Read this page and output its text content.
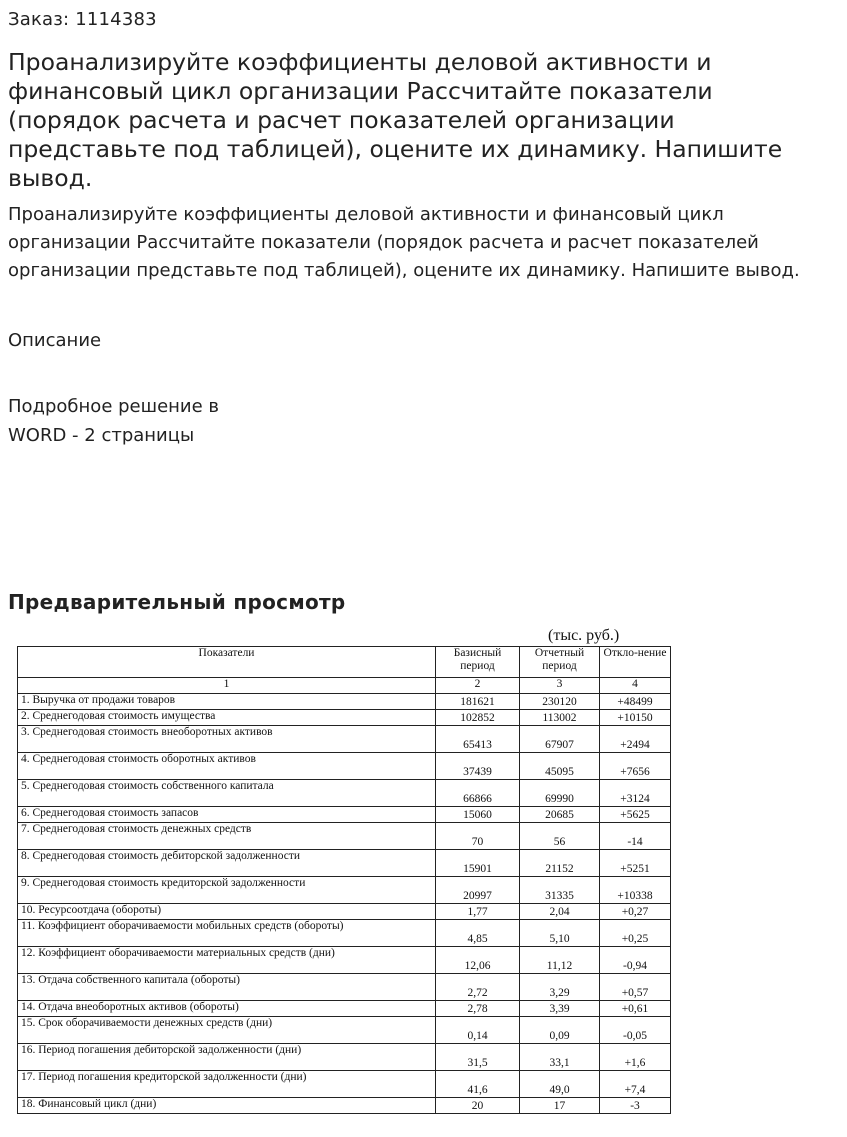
Заказ: 1114383
Проанализируйте коэффициенты деловой активности и финансовый цикл организации Рассчитайте показатели (порядок расчета и расчет показателей организации представьте под таблицей), оцените их динамику. Напишите вывод.
Проанализируйте коэффициенты деловой активности и финансовый цикл организации Рассчитайте показатели (порядок расчета и расчет показателей организации представьте под таблицей), оцените их динамику. Напишите вывод.
Описание
Подробное решение в
WORD - 2 страницы
Предварительный просмотр
(тыс. руб.)
Показатели	Базисный период	Отчетный период	Откло-нение
1	2	3	4
1. Выручка от продажи товаров	181621	230120	+48499
2. Среднегодовая стоимость имущества	102852	113002	+10150
3. Среднегодовая стоимость внеоборотных активов	65413	67907	+2494
4. Среднегодовая стоимость оборотных активов	37439	45095	+7656
5. Среднегодовая стоимость собственного капитала	66866	69990	+3124
6. Среднегодовая стоимость запасов	15060	20685	+5625
7. Среднегодовая стоимость денежных средств	70	56	-14
8. Среднегодовая стоимость дебиторской задолженности	15901	21152	+5251
9. Среднегодовая стоимость кредиторской задолженности	20997	31335	+10338
10. Ресурсоотдача (обороты)	1,77	2,04	+0,27
11. Коэффициент оборачиваемости мобильных средств (обороты)	4,85	5,10	+0,25
12. Коэффициент оборачиваемости материальных средств (дни)	12,06	11,12	-0,94
13. Отдача собственного капитала (обороты)	2,72	3,29	+0,57
14. Отдача внеоборотных активов (обороты)	2,78	3,39	+0,61
15. Срок оборачиваемости денежных средств (дни)	0,14	0,09	-0,05
16. Период погашения дебиторской задолженности (дни)	31,5	33,1	+1,6
17. Период погашения кредиторской задолженности (дни)	41,6	49,0	+7,4
18. Финансовый цикл (дни)	20	17	-3
